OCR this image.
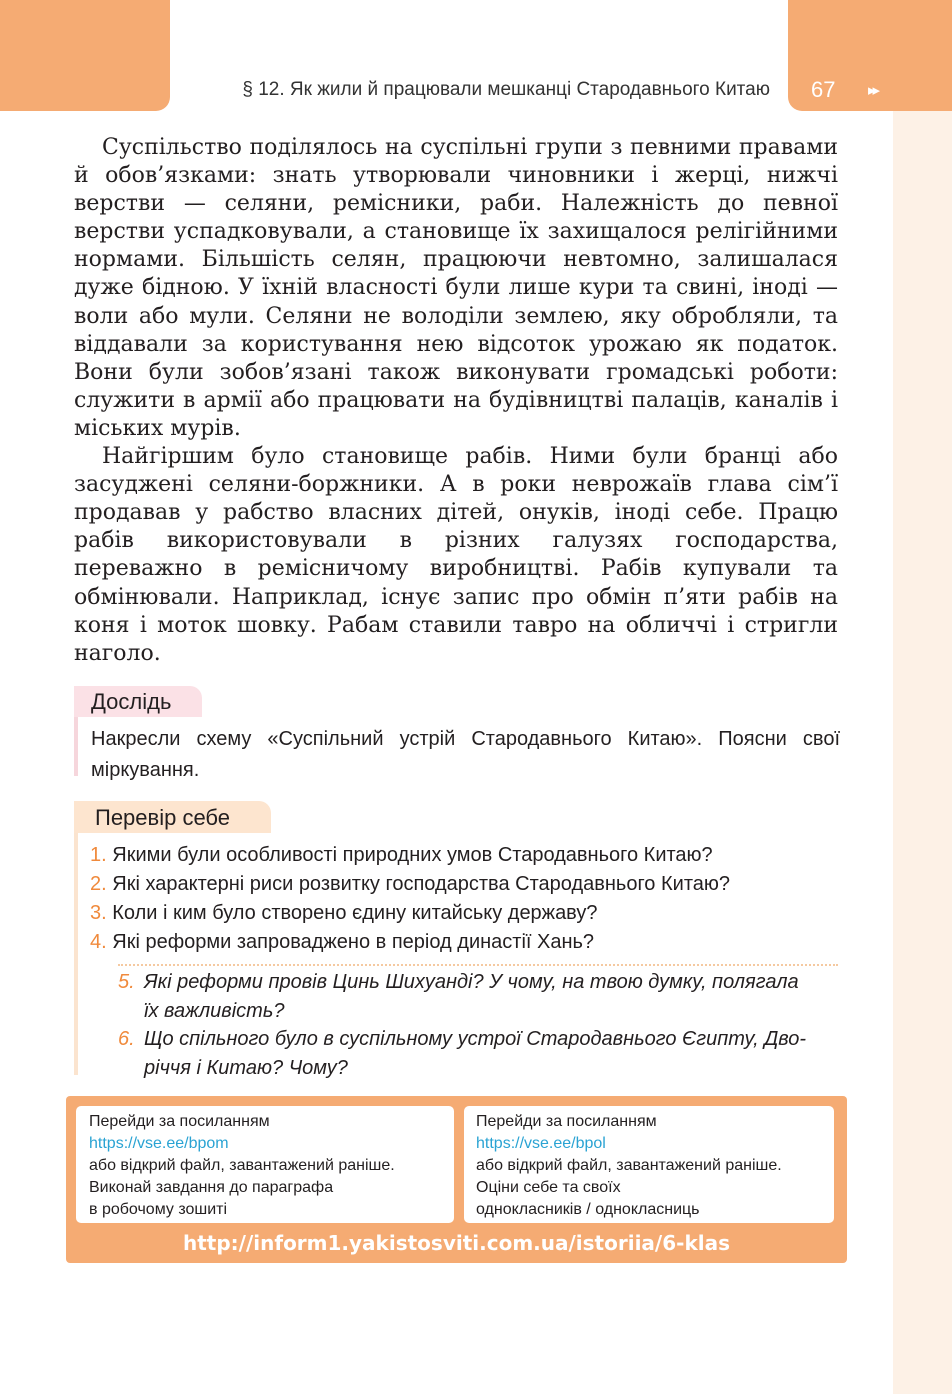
§ 12. Як жили й працювали мешканці Стародавнього Китаю 67	▸▸

Суспільство поділялось на суспільні групи з певними правами й обов’язками: знать утворювали чиновники і жерці, нижчі верстви — селяни, ремісники, раби. Належність до певної верстви успадковували, а становище їх захищалося релігійними нормами. Більшість селян, працюючи невтомно, залишалася дуже бідною. У їхній власності були лише кури та свині, іноді — воли або мули. Селяни не володіли землею, яку обробляли, та віддавали за користування нею відсоток урожаю як податок. Вони були зобов’язані також виконувати громадські роботи: служити в армії або працювати на будівництві палаців, каналів і міських мурів.

Найгіршим було становище рабів. Ними були бранці або засуджені селяни-боржники. А в роки неврожаїв глава сім’ї продавав у рабство власних дітей, онуків, іноді себе. Працю рабів використовували в різних галузях господарства, переважно в ремісничому виробництві. Рабів купували та обмінювали. Наприклад, існує запис про обмін п’яти рабів на коня і моток шовку. Рабам ставили тавро на обличчі і стригли наголо.

Дослідь
Накресли схему «Суспільний устрій Стародавнього Китаю». Поясни свої міркування.
Перевір себе
1. Якими були особливості природних умов Стародавнього Китаю?
2. Які характерні риси розвитку господарства Стародавнього Китаю?
3. Коли і ким було створено єдину китайську державу?
4. Які реформи запроваджено в період династії Хань?
5. Які реформи провів Цинь Шихуанді? У чому, на твою думку, полягала
їх важливість?
6. Що спільного було в суспільному устрої Стародавнього Єгипту, Дво-
річчя і Китаю? Чому?
Перейди за посиланням
https://vse.ee/bpom
або відкрий файл, завантажений раніше.
Виконай завдання до параграфа
в робочому зошиті
Перейди за посиланням
https://vse.ee/bpol
або відкрий файл, завантажений раніше.
Оціни себе та своїх
однокласників / однокласниць
http://inform1.yakistosviti.com.ua/istoriia/6-klas
